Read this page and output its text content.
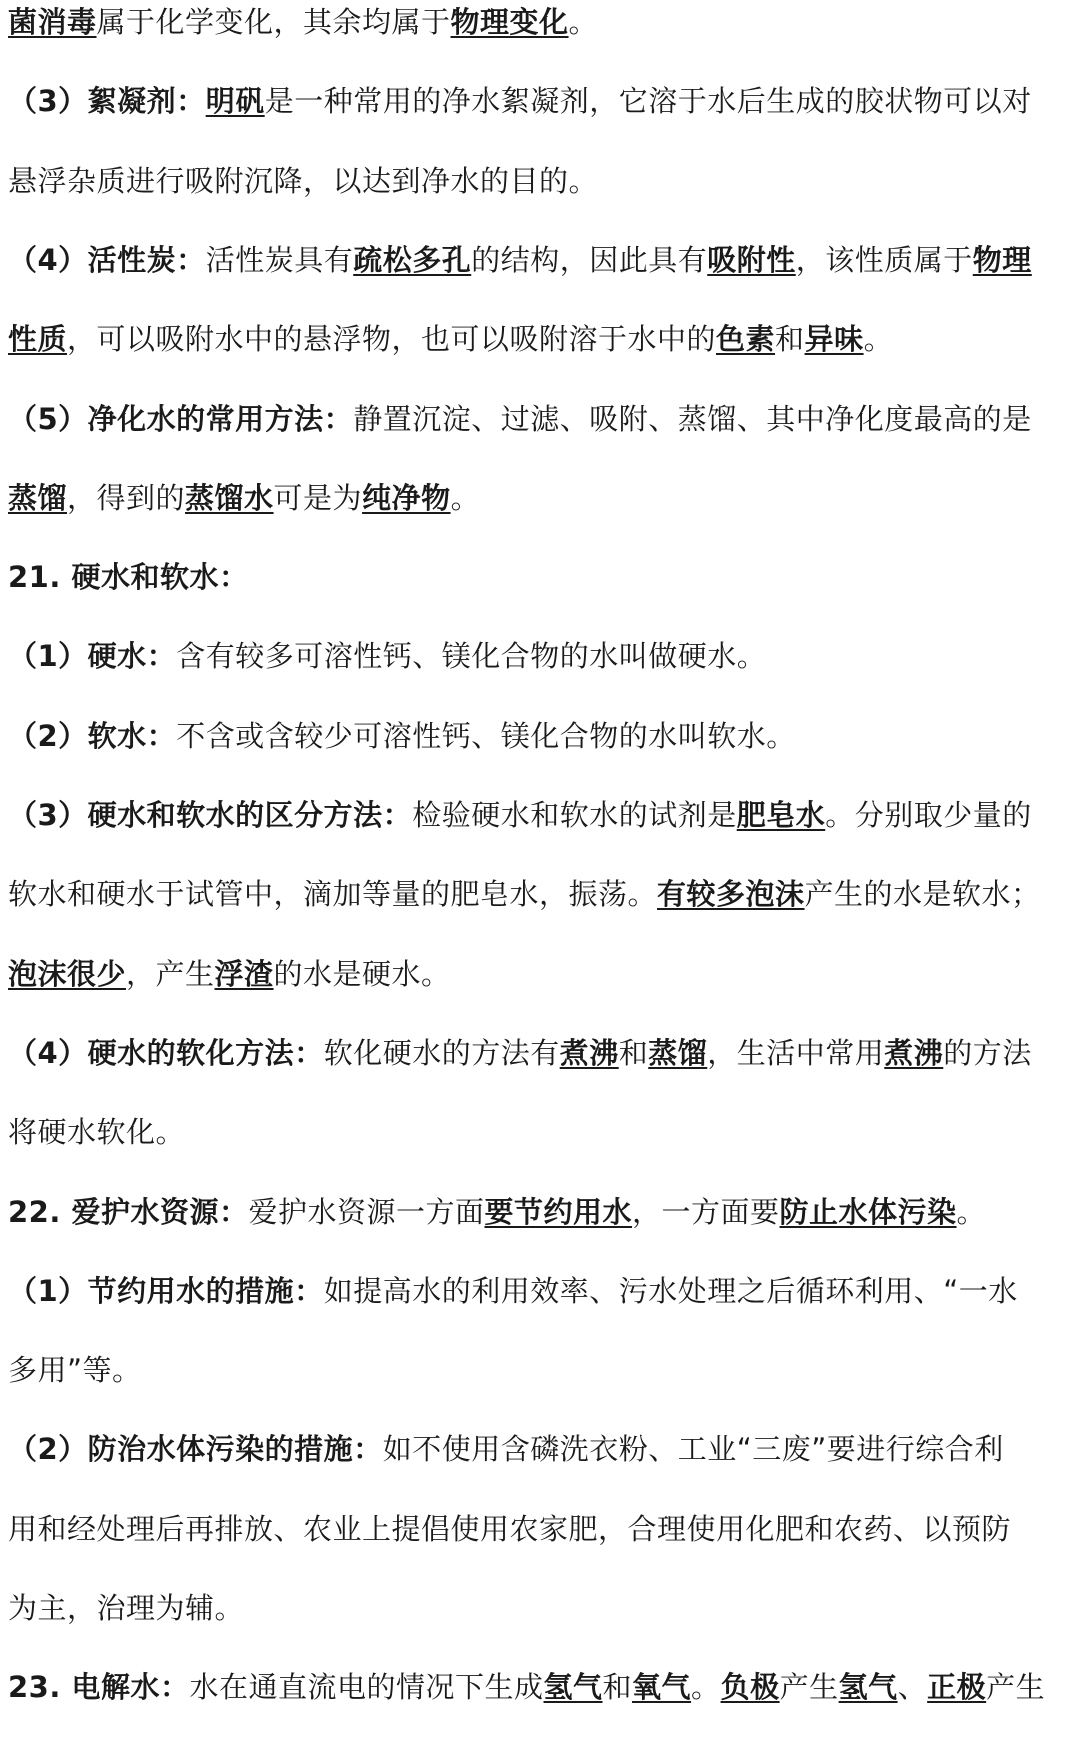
菌消毒属于化学变化，其余均属于物理变化。
（3）絮凝剂：明矾是一种常用的净水絮凝剂，它溶于水后生成的胶状物可以对
悬浮杂质进行吸附沉降，以达到净水的目的。
（4）活性炭：活性炭具有疏松多孔的结构，因此具有吸附性，该性质属于物理
性质，可以吸附水中的悬浮物，也可以吸附溶于水中的色素和异味。
（5）净化水的常用方法：静置沉淀、过滤、吸附、蒸馏、其中净化度最高的是
蒸馏，得到的蒸馏水可是为纯净物。
21. 硬水和软水：
（1）硬水：含有较多可溶性钙、镁化合物的水叫做硬水。
（2）软水：不含或含较少可溶性钙、镁化合物的水叫软水。
（3）硬水和软水的区分方法：检验硬水和软水的试剂是肥皂水。分别取少量的
软水和硬水于试管中，滴加等量的肥皂水，振荡。有较多泡沫产生的水是软水；
泡沫很少，产生浮渣的水是硬水。
（4）硬水的软化方法：软化硬水的方法有煮沸和蒸馏，生活中常用煮沸的方法
将硬水软化。
22. 爱护水资源：爱护水资源一方面要节约用水，一方面要防止水体污染。
（1）节约用水的措施：如提高水的利用效率、污水处理之后循环利用、“一水
多用”等。
（2）防治水体污染的措施：如不使用含磷洗衣粉、工业“三废”要进行综合利
用和经处理后再排放、农业上提倡使用农家肥，合理使用化肥和农药、以预防
为主，治理为辅。
23. 电解水：水在通直流电的情况下生成氢气和氧气。负极产生氢气、正极产生
